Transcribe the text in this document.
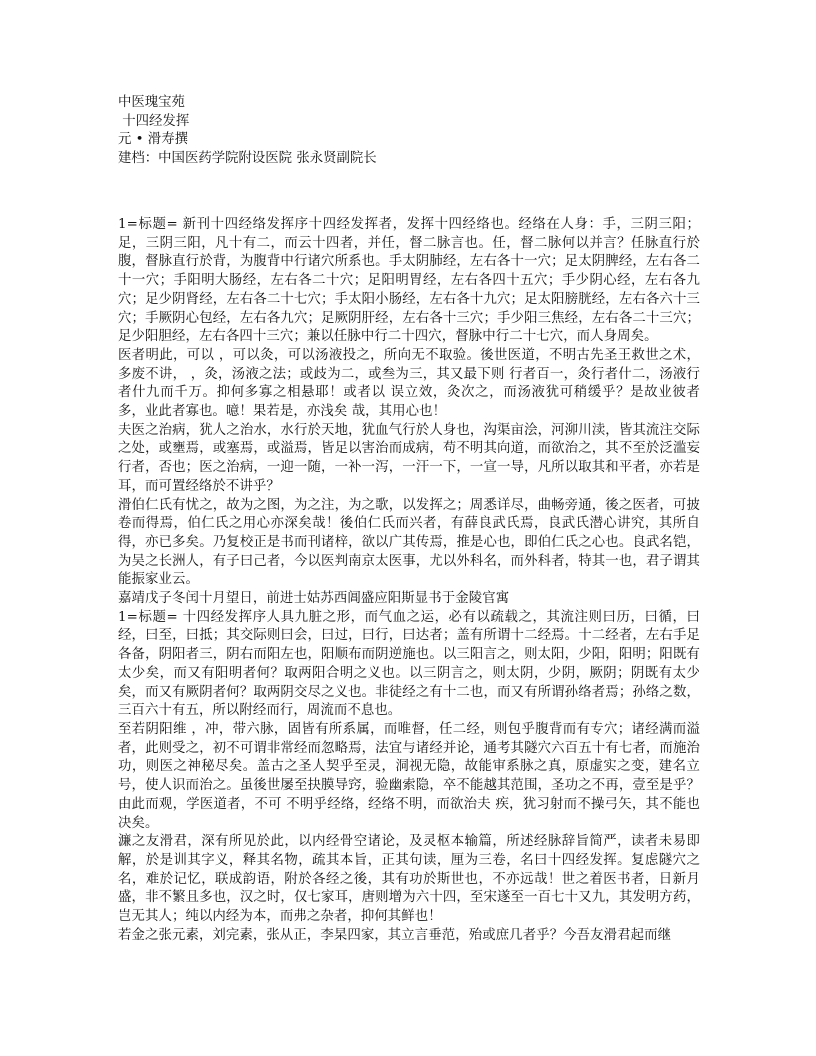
中医瑰宝苑

十四经发挥

元 • 滑寿撰

建档：中国医药学院附设医院 张永贤副院长

1=标题= 新刊十四经络发挥序十四经发挥者，发挥十四经络也。经络在人身：手，三阴三阳；足，三阴三阳，凡十有二，而云十四者，并任，督二脉言也。任，督二脉何以并言？任脉直行於腹，督脉直行於背，为腹背中行诸穴所系也。手太阴肺经，左右各十一穴；足太阴脾经，左右各二十一穴；手阳明大肠经，左右各二十穴；足阳明胃经，左右各四十五穴；手少阴心经，左右各九穴；足少阴肾经，左右各二十七穴；手太阳小肠经，左右各十九穴；足太阳膀胱经，左右各六十三穴；手厥阴心包经，左右各九穴；足厥阴肝经，左右各十三穴；手少阳三焦经，左右各二十三穴；足少阳胆经，左右各四十三穴；兼以任脉中行二十四穴，督脉中行二十七穴，而人身周矣。

医者明此，可以 ，可以灸，可以汤液投之，所向无不取验。後世医道，不明古先圣王救世之术，多废不讲， ，灸，汤液之法；或歧为二，或叁为三，其又最下则 行者百一，灸行者什二，汤液行者什九而千万。抑何多寡之相悬耶！或者以 误立效，灸次之，而汤液犹可稍缓乎？是故业彼者多，业此者寡也。噫！果若是，亦浅矣 哉，其用心也！

夫医之治病，犹人之治水，水行於天地，犹血气行於人身也，沟渠亩浍，河泖川渎，皆其流注交际之处，或壅焉，或塞焉，或溢焉，皆足以害治而成病，苟不明其向道，而欲治之，其不至於泛滥妄行者，否也；医之治病，一迎一随，一补一泻，一汗一下，一宣一导，凡所以取其和平者，亦若是耳，而可置经络於不讲乎？

滑伯仁氏有忧之，故为之图，为之注，为之歌，以发挥之；周悉详尽，曲畅旁通，後之医者，可披卷而得焉，伯仁氏之用心亦深矣哉！後伯仁氏而兴者，有薛良武氏焉，良武氏潜心讲究，其所自得，亦已多矣。乃复校正是书而刊诸梓，欲以广其传焉，推是心也，即伯仁氏之心也。良武名铠，为吴之长洲人，有子曰己者，今以医判南京太医事，尤以外科名，而外科者，特其一也，君子谓其能振家业云。

嘉靖戊子冬闰十月望日，前进士姑苏西阊盛应阳斯显书于金陵官寓

1=标题= 十四经发挥序人具九脏之形，而气血之运，必有以疏载之，其流注则曰历，曰循，曰经，曰至，曰抵；其交际则曰会，曰过，曰行，曰达者；盖有所谓十二经焉。十二经者，左右手足各备，阴阳者三，阴右而阳左也，阳顺布而阴逆施也。以三阳言之，则太阳，少阳，阳明；阳既有太少矣，而又有阳明者何？取两阳合明之义也。以三阴言之，则太阴，少阴，厥阴；阴既有太少矣，而又有厥阴者何？取两阴交尽之义也。非徒经之有十二也，而又有所谓孙络者焉；孙络之数，三百六十有五，所以附经而行，周流而不息也。

至若阴阳维 ，冲，带六脉，固皆有所系属，而唯督，任二经，则包乎腹背而有专穴；诸经满而溢者，此则受之，初不可谓非常经而忽略焉，法宜与诸经并论，通考其隧穴六百五十有七者，而施治功，则医之神秘尽矣。盖古之圣人契乎至灵，洞视无隐，故能审系脉之真，原虚实之变，建名立号，使人识而治之。虽後世屡至抉膜导窍，验幽索隐，卒不能越其范围，圣功之不再，壹至是乎？由此而观，学医道者，不可 不明乎经络，经络不明，而欲治夫 疾，犹习射而不操弓矢，其不能也决矣。

濂之友滑君，深有所见於此，以内经骨空诸论，及灵枢本输篇，所述经脉辞旨简严，读者未易即解，於是训其字义，释其名物，疏其本旨，正其句读，厘为三卷，名曰十四经发挥。复虑隧穴之名，难於记忆，联成韵语，附於各经之後，其有功於斯世也，不亦远哉！世之着医书者，日新月盛，非不繁且多也，汉之时，仅七家耳，唐则增为六十四，至宋遂至一百七十又九，其发明方药，岂无其人；纯以内经为本，而弗之杂者，抑何其鲜也！

若金之张元素，刘完素，张从正，李杲四家，其立言垂范，殆或庶几者乎？今吾友滑君起而继
